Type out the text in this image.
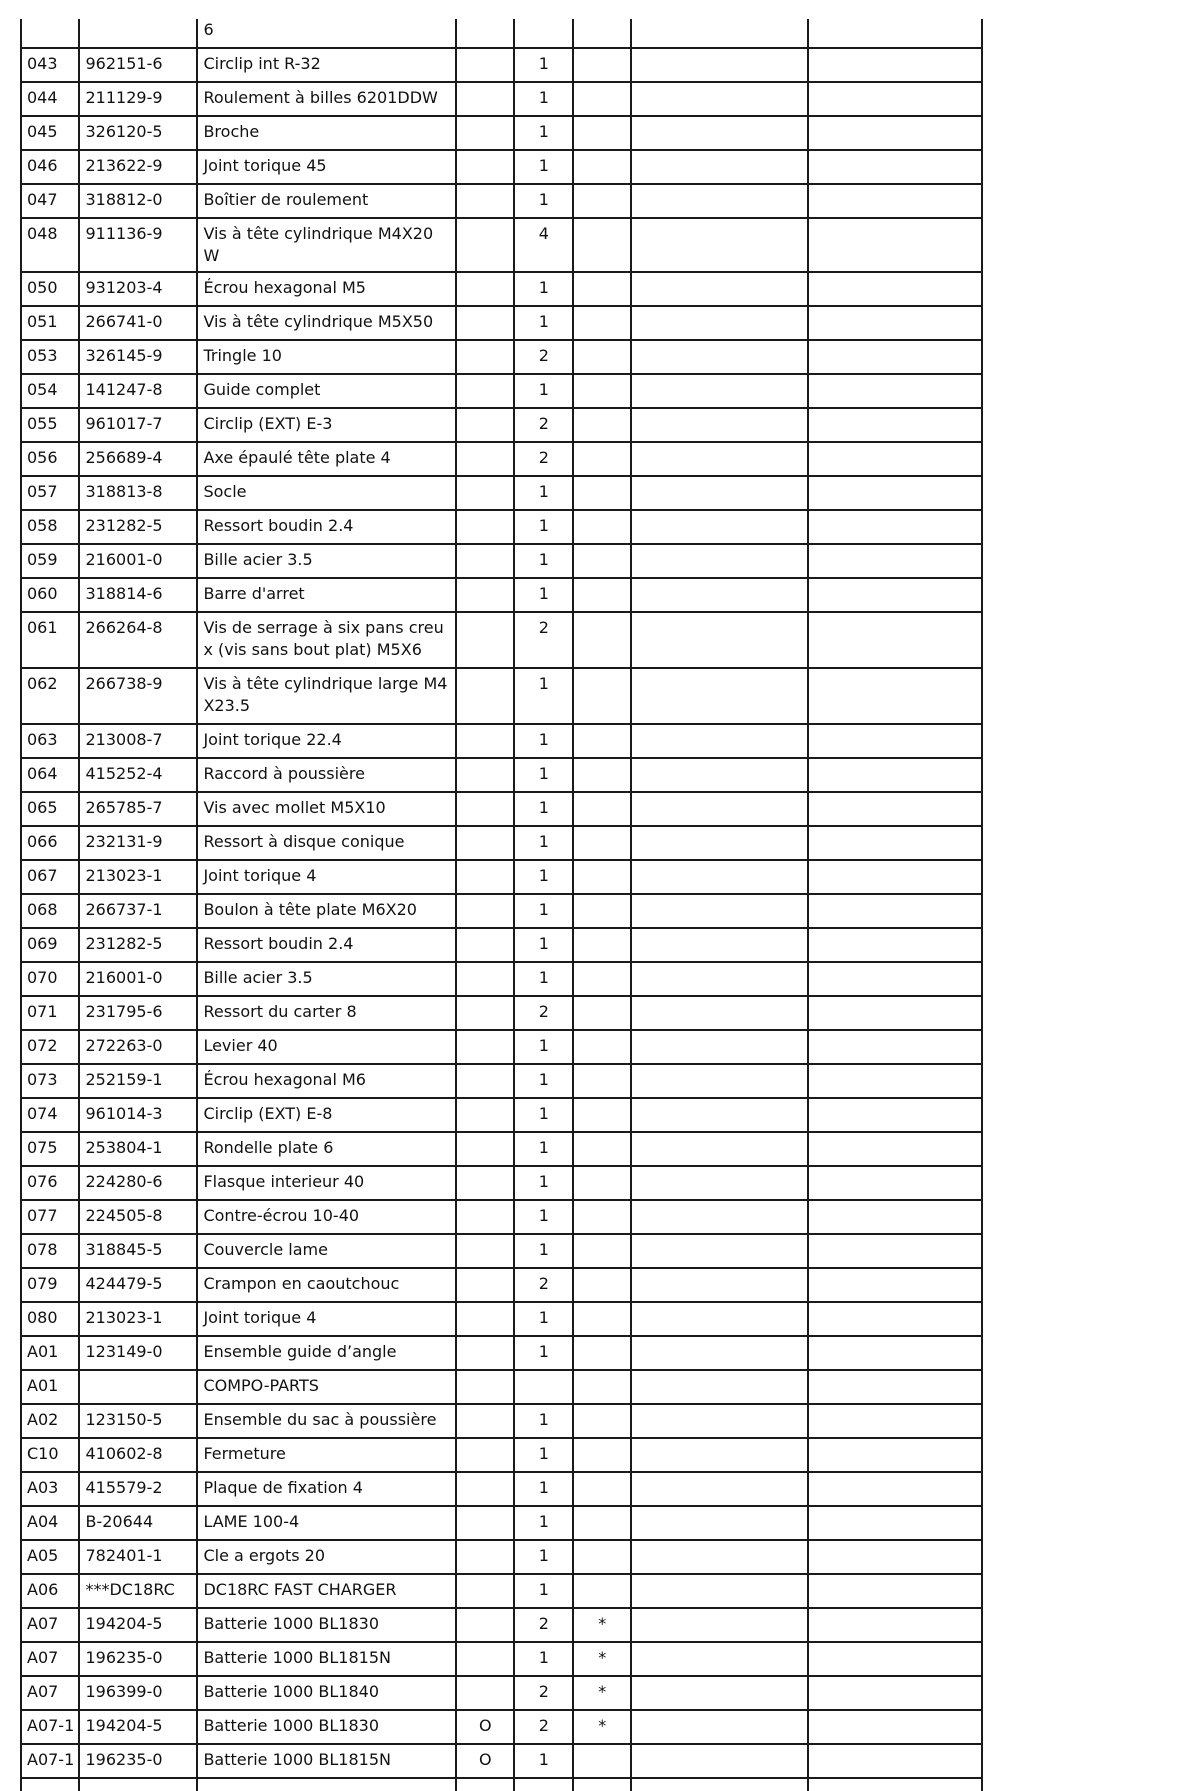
		6					
043	962151-6	Circlip int R-32		1			
044	211129-9	Roulement à billes 6201DDW		1			
045	326120-5	Broche		1			
046	213622-9	Joint torique 45		1			
047	318812-0	Boîtier de roulement		1			
048	911136-9	Vis à tête cylindrique M4X20 W		4			
050	931203-4	Écrou hexagonal M5		1			
051	266741-0	Vis à tête cylindrique M5X50		1			
053	326145-9	Tringle 10		2			
054	141247-8	Guide complet		1			
055	961017-7	Circlip (EXT) E-3		2			
056	256689-4	Axe épaulé tête plate 4		2			
057	318813-8	Socle		1			
058	231282-5	Ressort boudin 2.4		1			
059	216001-0	Bille acier 3.5		1			
060	318814-6	Barre d'arret		1			
061	266264-8	Vis de serrage à six pans creux (vis sans bout plat) M5X6		2			
062	266738-9	Vis à tête cylindrique large M4X23.5		1			
063	213008-7	Joint torique 22.4		1			
064	415252-4	Raccord à poussière		1			
065	265785-7	Vis avec mollet M5X10		1			
066	232131-9	Ressort à disque conique		1			
067	213023-1	Joint torique 4		1			
068	266737-1	Boulon à tête plate M6X20		1			
069	231282-5	Ressort boudin 2.4		1			
070	216001-0	Bille acier 3.5		1			
071	231795-6	Ressort du carter 8		2			
072	272263-0	Levier 40		1			
073	252159-1	Écrou hexagonal M6		1			
074	961014-3	Circlip (EXT) E-8		1			
075	253804-1	Rondelle plate 6		1			
076	224280-6	Flasque interieur 40		1			
077	224505-8	Contre-écrou 10-40		1			
078	318845-5	Couvercle lame		1			
079	424479-5	Crampon en caoutchouc		2			
080	213023-1	Joint torique 4		1			
A01	123149-0	Ensemble guide d’angle		1			
A01		COMPO-PARTS					
A02	123150-5	Ensemble du sac à poussière		1			
C10	410602-8	Fermeture		1			
A03	415579-2	Plaque de fixation 4		1			
A04	B-20644	LAME 100-4		1			
A05	782401-1	Cle a ergots 20		1			
A06	***DC18RC	DC18RC FAST CHARGER		1			
A07	194204-5	Batterie 1000 BL1830		2	*		
A07	196235-0	Batterie 1000 BL1815N		1	*		
A07	196399-0	Batterie 1000 BL1840		2	*		
A07-1	194204-5	Batterie 1000 BL1830	O	2	*		
A07-1	196235-0	Batterie 1000 BL1815N	O	1			
